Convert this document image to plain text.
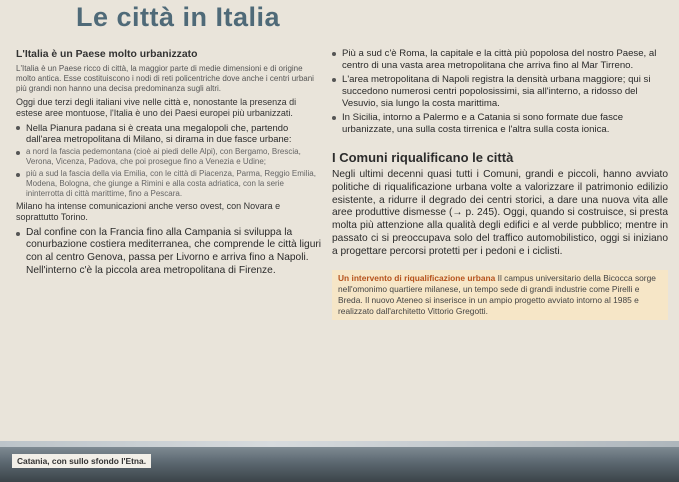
Le città in Italia
L'Italia è un Paese molto urbanizzato

L'Italia è un Paese ricco di città, la maggior parte di medie dimensioni e di origine molto antica. Esse costituiscono i nodi di reti policentriche dove anche i centri urbani più grandi non hanno una decisa predominanza sugli altri.

Oggi due terzi degli italiani vive nelle città e, nonostante la presenza di estese aree montuose, l'Italia è uno dei Paesi europei più urbanizzati.

Nella Pianura padana si è creata una megalopoli che, partendo dall'area metropolitana di Milano, si dirama in due fasce urbane:

a nord la fascia pedemontana (cioè ai piedi delle Alpi), con Bergamo, Brescia, Verona, Vicenza, Padova, che poi prosegue fino a Venezia e Udine;

più a sud la fascia della via Emilia, con le città di Piacenza, Parma, Reggio Emilia, Modena, Bologna, che giunge a Rimini e alla costa adriatica, con la serie ininterrotta di città marittime, fino a Pescara.

Milano ha intense comunicazioni anche verso ovest, con Novara e soprattutto Torino.

Dal confine con la Francia fino alla Campania si sviluppa la conurbazione costiera mediterranea, che comprende le città liguri con al centro Genova, passa per Livorno e arriva fino a Napoli. Nell'interno c'è la piccola area metropolitana di Firenze.

Più a sud c'è Roma, la capitale e la città più popolosa del nostro Paese, al centro di una vasta area metropolitana che arriva fino al Mar Tirreno.

L'area metropolitana di Napoli registra la densità urbana maggiore; qui si succedono numerosi centri popolosissimi, sia all'interno, a ridosso del Vesuvio, sia lungo la costa marittima.

In Sicilia, intorno a Palermo e a Catania si sono formate due fasce urbanizzate, una sulla costa tirrenica e l'altra sulla costa ionica.

I Comuni riqualificano le città

Negli ultimi decenni quasi tutti i Comuni, grandi e piccoli, hanno avviato politiche di riqualificazione urbana volte a valorizzare il patrimonio edilizio esistente, a ridurre il degrado dei centri storici, a dare una nuova vita alle aree produttive dismesse (→ p. 245). Oggi, quando si costruisce, si presta molta più attenzione alla qualità degli edifici e al verde pubblico; mentre in passato ci si preoccupava solo del traffico automobilistico, oggi si iniziano a progettare percorsi protetti per i pedoni e i ciclisti.

Un intervento di riqualificazione urbana Il campus universitario della Bicocca sorge nell'omonimo quartiere milanese, un tempo sede di grandi industrie come Pirelli e Breda. Il nuovo Ateneo si inserisce in un ampio progetto avviato intorno al 1985 e realizzato dall'architetto Vittorio Gregotti.
Catania, con sullo sfondo l'Etna.
